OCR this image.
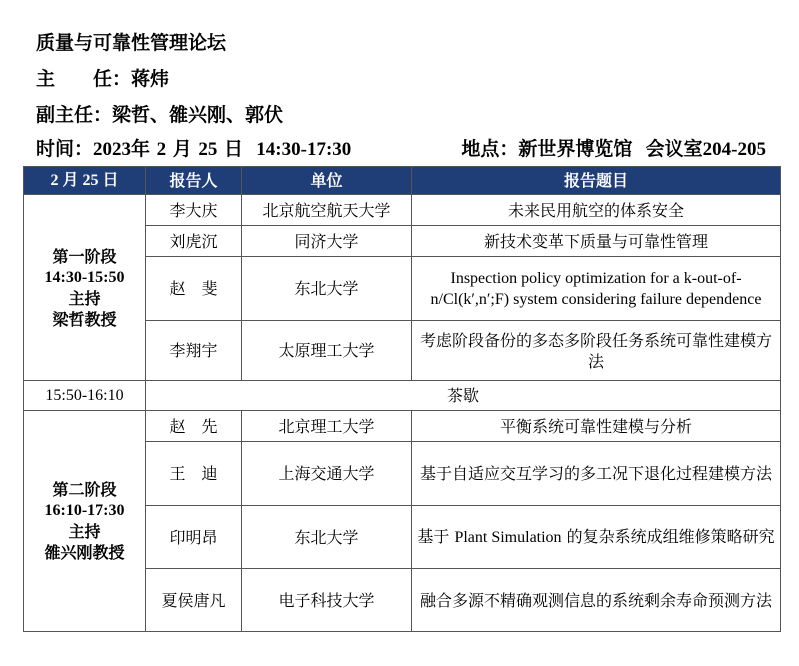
质量与可靠性管理论坛
主 任：蒋炜
副主任：梁哲、雒兴刚、郭伏
时间：2023年 2 月 25 日 14:30-17:30	地点：新世界博览馆 会议室204-205
2 月 25 日	报告人	单位	报告题目

第一阶段
14:30-15:50
主持
梁哲教授	李大庆	北京航空航天大学	未来民用航空的体系安全
	刘虎沉	同济大学	新技术变革下质量与可靠性管理
	赵　斐	东北大学	Inspection policy optimization for a k-out-of-n/Cl(k′,n′;F) system considering failure dependence
	李翔宇	太原理工大学	考虑阶段备份的多态多阶段任务系统可靠性建模方法
15:50-16:10	茶歇		

第二阶段
16:10-17:30
主持
雒兴刚教授	赵　先	北京理工大学	平衡系统可靠性建模与分析
	王　迪	上海交通大学	基于自适应交互学习的多工况下退化过程建模方法
	印明昂	东北大学	基于 Plant Simulation 的复杂系统成组维修策略研究
	夏侯唐凡	电子科技大学	融合多源不精确观测信息的系统剩余寿命预测方法
